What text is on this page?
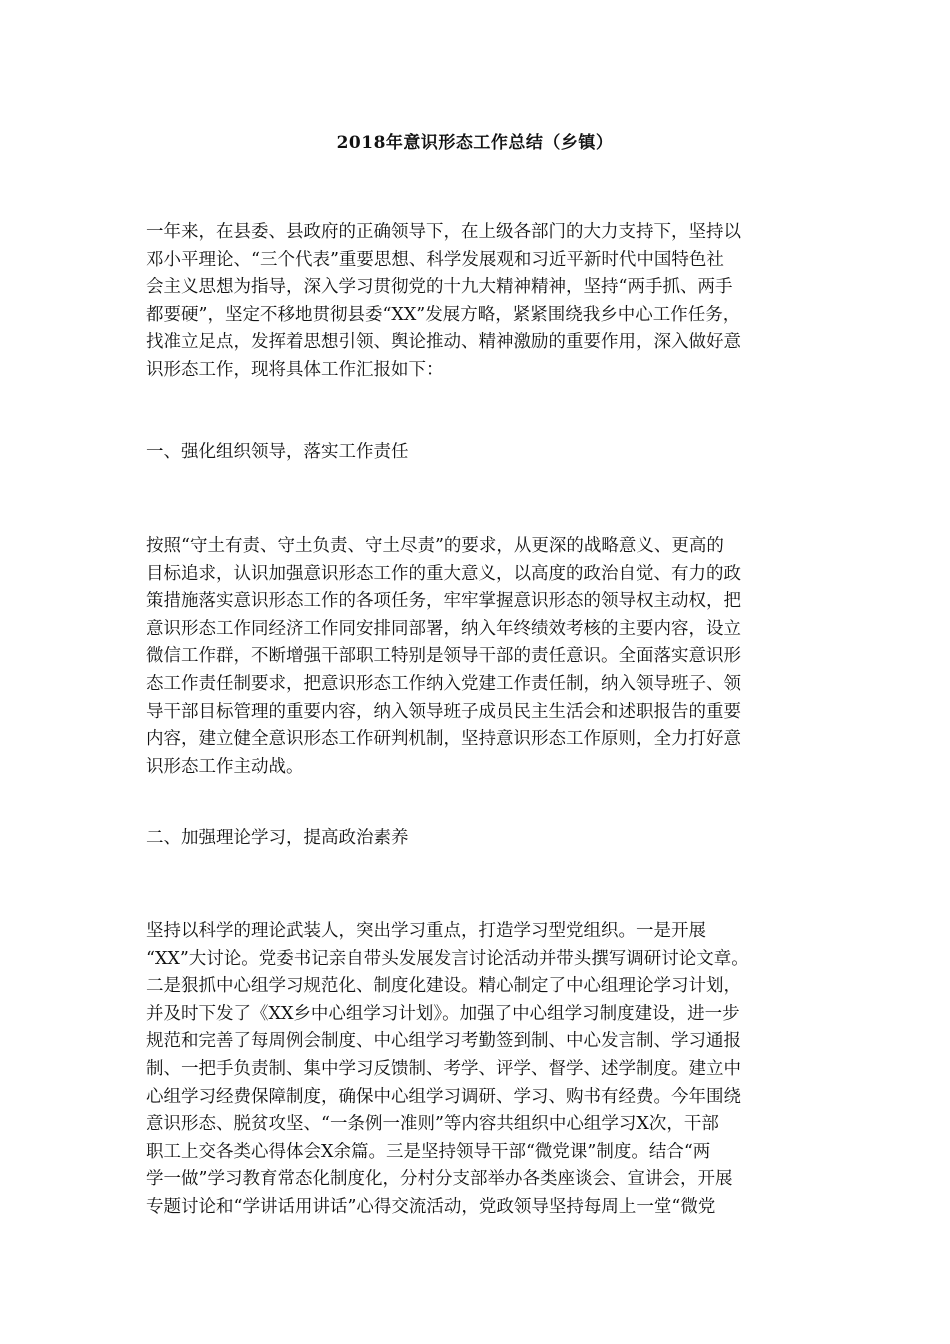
2018年意识形态工作总结（乡镇）
一年来，在县委、县政府的正确领导下，在上级各部门的大力支持下，坚持以
邓小平理论、“三个代表”重要思想、科学发展观和习近平新时代中国特色社
会主义思想为指导，深入学习贯彻党的十九大精神精神，坚持“两手抓、两手
都要硬”，坚定不移地贯彻县委“XX”发展方略，紧紧围绕我乡中心工作任务，
找准立足点，发挥着思想引领、舆论推动、精神激励的重要作用，深入做好意
识形态工作，现将具体工作汇报如下：
一、强化组织领导，落实工作责任
按照“守土有责、守土负责、守土尽责”的要求，从更深的战略意义、更高的
目标追求，认识加强意识形态工作的重大意义，以高度的政治自觉、有力的政
策措施落实意识形态工作的各项任务，牢牢掌握意识形态的领导权主动权，把
意识形态工作同经济工作同安排同部署，纳入年终绩效考核的主要内容，设立
微信工作群，不断增强干部职工特别是领导干部的责任意识。全面落实意识形
态工作责任制要求，把意识形态工作纳入党建工作责任制，纳入领导班子、领
导干部目标管理的重要内容，纳入领导班子成员民主生活会和述职报告的重要
内容，建立健全意识形态工作研判机制，坚持意识形态工作原则，全力打好意
识形态工作主动战。
二、加强理论学习，提高政治素养
坚持以科学的理论武装人，突出学习重点，打造学习型党组织。一是开展
“XX”大讨论。党委书记亲自带头发展发言讨论活动并带头撰写调研讨论文章。
二是狠抓中心组学习规范化、制度化建设。精心制定了中心组理论学习计划，
并及时下发了《XX乡中心组学习计划》。加强了中心组学习制度建设，进一步
规范和完善了每周例会制度、中心组学习考勤签到制、中心发言制、学习通报
制、一把手负责制、集中学习反馈制、考学、评学、督学、述学制度。建立中
心组学习经费保障制度，确保中心组学习调研、学习、购书有经费。今年围绕
意识形态、脱贫攻坚、“一条例一准则”等内容共组织中心组学习X次，干部
职工上交各类心得体会X余篇。三是坚持领导干部“微党课”制度。结合“两
学一做”学习教育常态化制度化，分村分支部举办各类座谈会、宣讲会，开展
专题讨论和“学讲话用讲话”心得交流活动，党政领导坚持每周上一堂“微党
